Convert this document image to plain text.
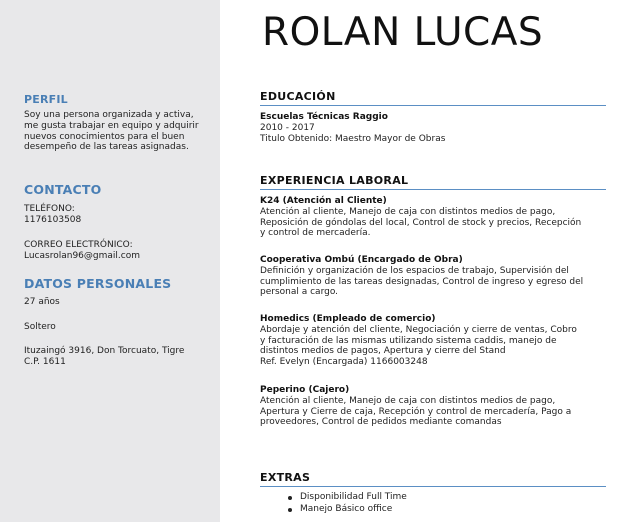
PERFIL
Soy una persona organizada y activa,
me gusta trabajar en equipo y adquirir
nuevos conocimientos para el buen
desempeño de las tareas asignadas.
CONTACTO
TELÉFONO:
1176103508
CORREO ELECTRÓNICO:
Lucasrolan96@gmail.com
DATOS PERSONALES
27 años
Soltero
Ituzaingó 3916, Don Torcuato, Tigre
C.P. 1611
ROLAN LUCAS
EDUCACIÓN
Escuelas Técnicas Raggio
2010 - 2017
Titulo Obtenido: Maestro Mayor de Obras
EXPERIENCIA LABORAL
K24 (Atención al Cliente)
Atención al cliente, Manejo de caja con distintos medios de pago,
Reposición de góndolas del local, Control de stock y precios, Recepción
y control de mercadería.
Cooperativa Ombú (Encargado de Obra)
Definición y organización de los espacios de trabajo, Supervisión del
cumplimiento de las tareas designadas, Control de ingreso y egreso del
personal a cargo.
Homedics (Empleado de comercio)
Abordaje y atención del cliente, Negociación y cierre de ventas, Cobro
y facturación de las mismas utilizando sistema caddis, manejo de
distintos medios de pagos, Apertura y cierre del Stand
Ref. Evelyn (Encargada) 1166003248
Peperino (Cajero)
Atención al cliente, Manejo de caja con distintos medios de pago,
Apertura y Cierre de caja, Recepción y control de mercadería, Pago a
proveedores, Control de pedidos mediante comandas
EXTRAS
Disponibilidad Full Time
Manejo Básico office
